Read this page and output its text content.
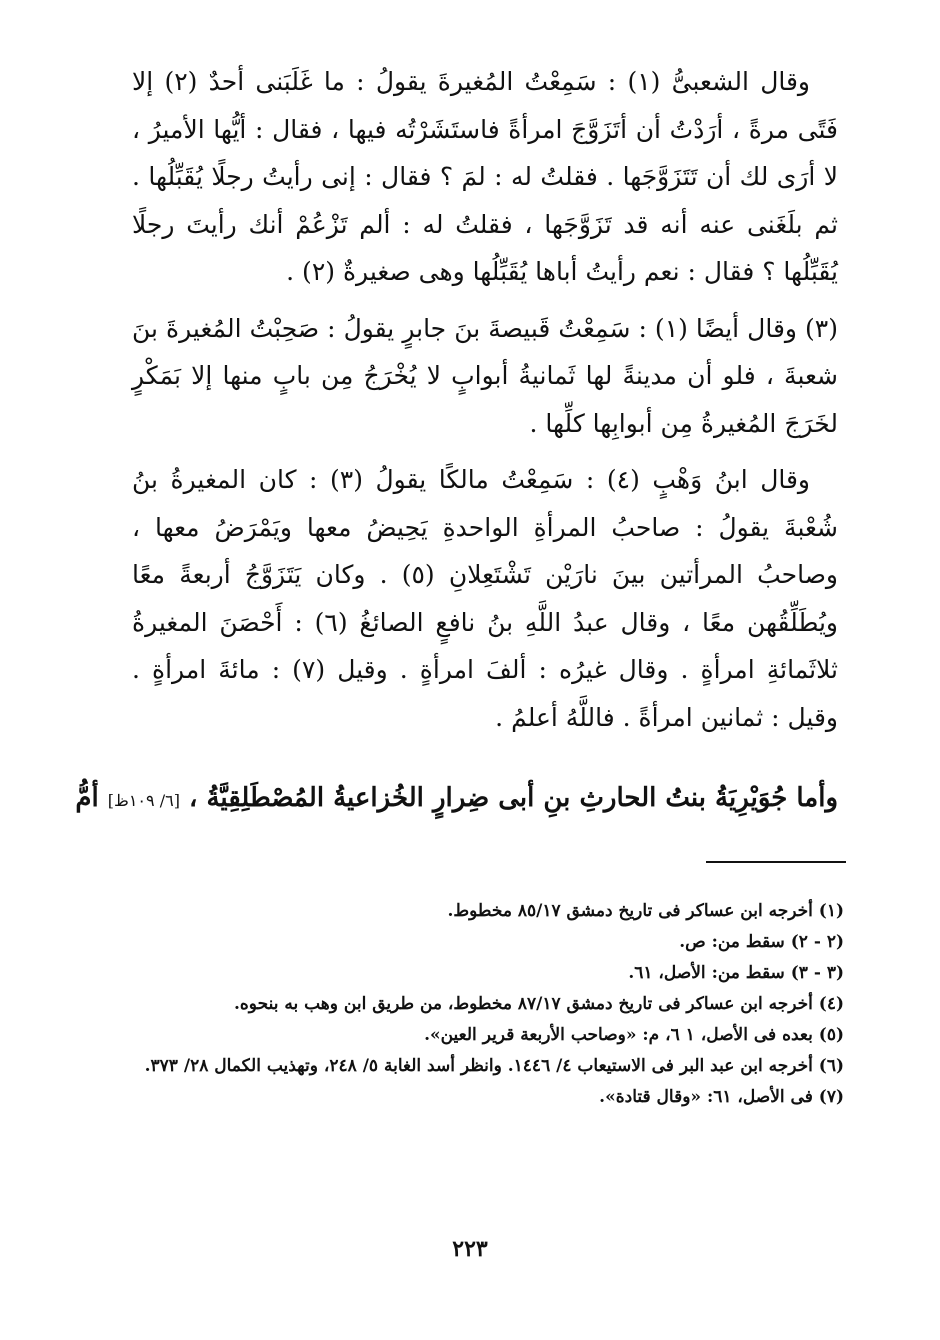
وقال الشعبىُّ (١) : سَمِعْتُ المُغيرةَ يقولُ : ما غَلَبَنى أحدٌ (٢) إلا فَتًى مرةً ، أرَدْتُ أن أتَزَوَّجَ امرأةً فاستَشَرْتُه فيها ، فقال : أيُّها الأميرُ ، لا أرَى لك أن تَتَزَوَّجَها . فقلتُ له : لمَ ؟ فقال : إنى رأيتُ رجلًا يُقَبِّلُها . ثم بلَغَنى عنه أنه قد تَزَوَّجَها ، فقلتُ له : ألم تَزْعُمْ أنك رأيتَ رجلًا يُقَبِّلُها ؟ فقال : نعم رأيتُ أباها يُقَبِّلُها وهى صغيرةٌ (٢) .

(٣) وقال أيضًا (١) : سَمِعْتُ قَبيصةَ بنَ جابرٍ يقولُ : صَحِبْتُ المُغيرةَ بنَ شعبةَ ، فلو أن مدينةً لها ثَمانيةُ أبوابٍ لا يُخْرَجُ مِن بابٍ منها إلا بَمَكْرٍ لخَرَجَ المُغيرةُ مِن أبوابِها كلِّها .

وقال ابنُ وَهْبٍ (٤) : سَمِعْتُ مالكًا يقولُ (٣) : كان المغيرةُ بنُ شُعْبةَ يقولُ : صاحبُ المرأةِ الواحدةِ يَحِيضُ معها ويَمْرَضُ معها ، وصاحبُ المرأتين بينَ نارَيْن تَشْتَعِلانِ (٥) . وكان يَتَزَوَّجُ أربعةً معًا ويُطَلِّقُهن معًا ، وقال عبدُ اللَّهِ بنُ نافعٍ الصائغُ (٦) : أَحْصَنَ المغيرةُ ثلاثَمائةِ امرأةٍ . وقال غيرُه : ألفَ امرأةٍ . وقيل (٧) : مائةَ امرأةٍ . وقيل : ثمانين امرأةً . فاللَّهُ أعلمُ .

وأما جُوَيْرِيَةُ بنتُ الحارثِ بنِ أبى ضِرارٍ الخُزاعيةُ المُصْطَلِقِيَّةُ ، [٦/ ١٠٩ظ] أمُّ

(١) أخرجه ابن عساكر فى تاريخ دمشق ٨٥/١٧ مخطوط.

(٢ - ٢) سقط من: ص.

(٣ - ٣) سقط من: الأصل، ٦١.

(٤) أخرجه ابن عساكر فى تاريخ دمشق ٨٧/١٧ مخطوط، من طريق ابن وهب به بنحوه.

(٥) بعده فى الأصل، ١ ٦، م: «وصاحب الأربعة قرير العين».

(٦) أخرجه ابن عبد البر فى الاستيعاب ٤/ ١٤٤٦. وانظر أسد الغابة ٥/ ٢٤٨، وتهذيب الكمال ٢٨/ ٣٧٣.

(٧) فى الأصل، ٦١: «وقال قتادة».

٢٢٣
